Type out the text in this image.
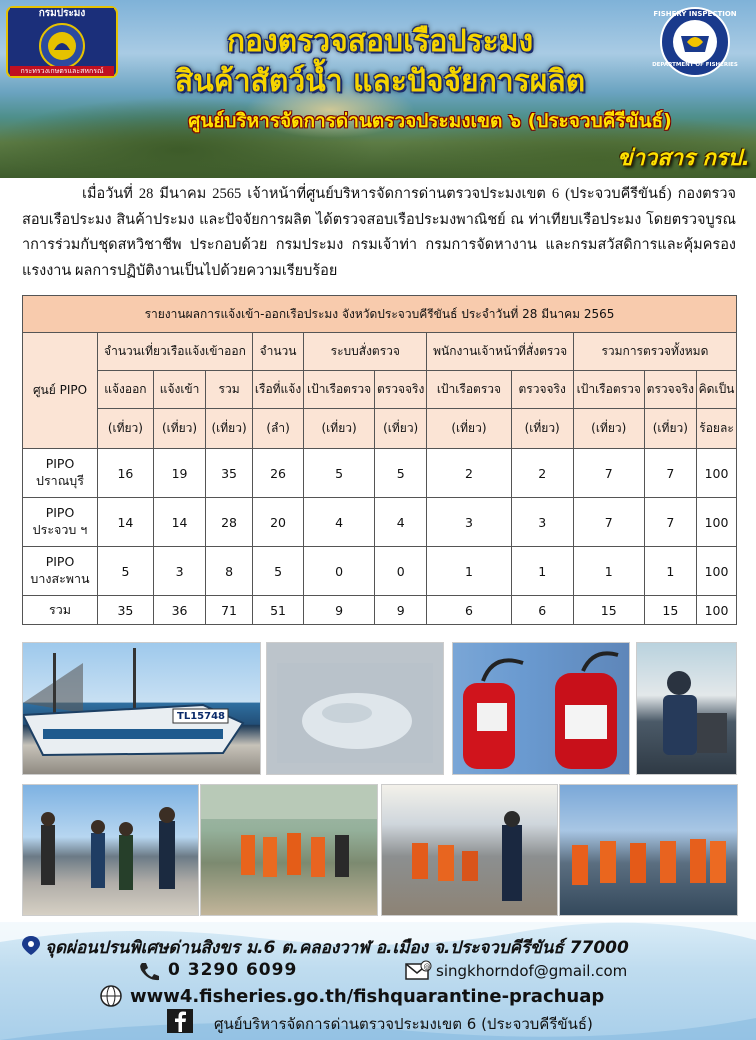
กรมประมง
กระทรวงเกษตรและสหกรณ์
กองตรวจสอบเรือประมง
สินค้าสัตว์น้ำ และปัจจัยการผลิต
FISHERY INSPECTION
DEPARTMENT OF FISHERIES
ศูนย์บริหารจัดการด่านตรวจประมงเขต ๖ (ประจวบคีรีขันธ์)
ข่าวสาร กรป.
เมื่อวันที่ 28 มีนาคม 2565 เจ้าหน้าที่ศูนย์บริหารจัดการด่านตรวจประมงเขต 6 (ประจวบคีรีขันธ์) กองตรวจสอบเรือประมง สินค้าประมง และปัจจัยการผลิต ได้ตรวจสอบเรือประมงพาณิชย์ ณ ท่าเทียบเรือประมง โดยตรวจบูรณาการร่วมกับชุดสหวิชาชีพ ประกอบด้วย กรมประมง กรมเจ้าท่า กรมการจัดหางาน และกรมสวัสดิการและคุ้มครองแรงงาน ผลการปฏิบัติงานเป็นไปด้วยความเรียบร้อย
รายงานผลการแจ้งเข้า-ออกเรือประมง จังหวัดประจวบคีรีขันธ์ ประจำวันที่ 28 มีนาคม 2565											
ศูนย์ PIPO	จำนวนเที่ยวเรือแจ้งเข้าออก			จำนวน	ระบบสั่งตรวจ		พนักงานเจ้าหน้าที่สั่งตรวจ		รวมการตรวจทั้งหมด		
	แจ้งออก	แจ้งเข้า	รวม	เรือที่แจ้ง	เป้าเรือตรวจ	ตรวจจริง	เป้าเรือตรวจ	ตรวจจริง	เป้าเรือตรวจ	ตรวจจริง	คิดเป็น
	(เที่ยว)	(เที่ยว)	(เที่ยว)	(ลำ)	(เที่ยว)	(เที่ยว)	(เที่ยว)	(เที่ยว)	(เที่ยว)	(เที่ยว)	ร้อยละ
PIPO
ปราณบุรี	16	19	35	26	5	5	2	2	7	7	100
PIPO
ประจวบ ฯ	14	14	28	20	4	4	3	3	7	7	100
PIPO
บางสะพาน	5	3	8	5	0	0	1	1	1	1	100
รวม	35	36	71	51	9	9	6	6	15	15	100
TL15748
จุดผ่อนปรนพิเศษด่านสิงขร ม.6 ต.คลองวาฬ อ.เมือง จ.ประจวบคีรีขันธ์ 77000
0 3290 6099	@ singkhorndof@gmail.com
www4.fisheries.go.th/fishquarantine-prachuap
ศูนย์บริหารจัดการด่านตรวจประมงเขต 6 (ประจวบคีรีขันธ์)
